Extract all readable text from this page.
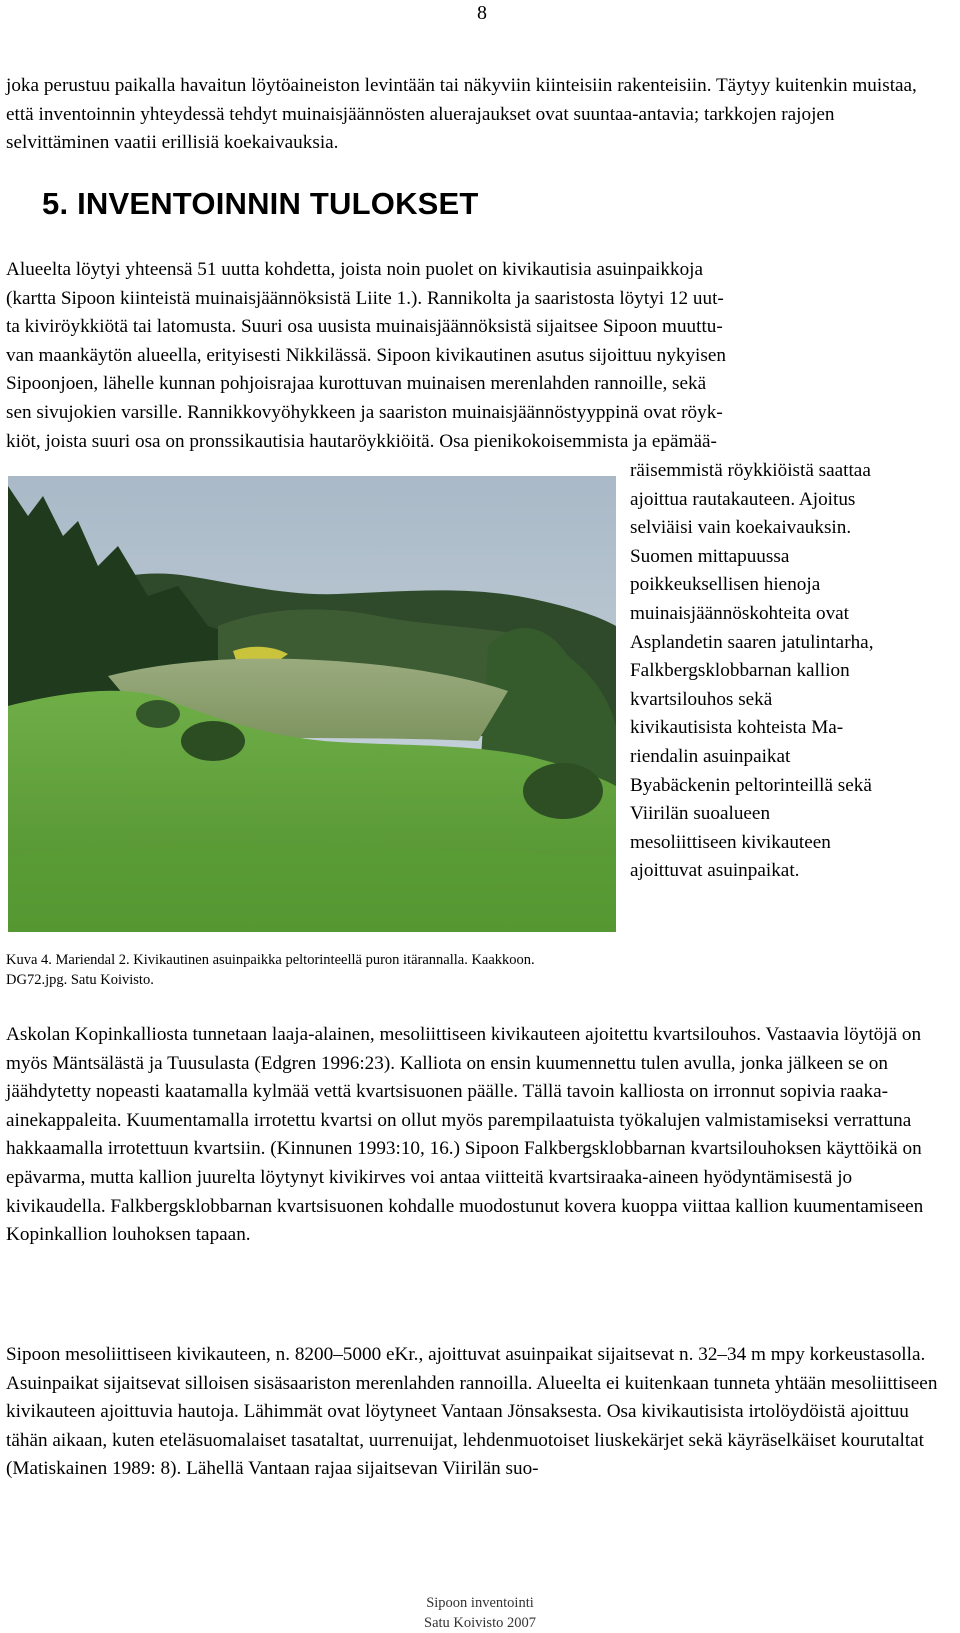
8

joka perustuu paikalla havaitun löytöaineiston levintään tai näkyviin kiinteisiin rakenteisiin. Täytyy kuitenkin muistaa, että inventoinnin yhteydessä tehdyt muinaisjäännösten aluerajaukset ovat suuntaa-antavia; tarkkojen rajojen selvittäminen vaatii erillisiä koekaivauksia.

5. INVENTOINNIN TULOKSET
Alueelta löytyi yhteensä 51 uutta kohdetta, joista noin puolet on kivikautisia asuinpaikkoja
(kartta Sipoon kiinteistä muinaisjäännöksistä Liite 1.). Rannikolta ja saaristosta löytyi 12 uut-
ta kiviröykkiötä tai latomusta. Suuri osa uusista muinaisjäännöksistä sijaitsee Sipoon muuttu-
van maankäytön alueella, erityisesti Nikkilässä. Sipoon kivikautinen asutus sijoittuu nykyisen
Sipoonjoen, lähelle kunnan pohjoisrajaa kurottuvan muinaisen merenlahden rannoille, sekä
sen sivujokien varsille. Rannikkovyöhykkeen ja saariston muinaisjäännöstyyppinä ovat röyk-
kiöt, joista suuri osa on pronssikautisia hautaröykkiöitä. Osa pienikokoisemmista ja epämää-
räisemmistä röykkiöistä saattaa
ajoittua rautakauteen. Ajoitus
selviäisi vain koekaivauksin.
Suomen mittapuussa
poikkeuksellisen hienoja
muinaisjäännöskohteita ovat
Asplandetin saaren jatulintarha,
Falkbergsklobbarnan kallion
kvartsilouhos sekä
kivikautisista kohteista Ma-
riendalin asuinpaikat
Byabäckenin peltorinteillä sekä
Viirilän suoalueen
mesoliittiseen kivikauteen
ajoittuvat asuinpaikat.
Kuva 4. Mariendal 2. Kivikautinen asuinpaikka peltorinteellä puron itärannalla. Kaakkoon.
DG72.jpg. Satu Koivisto.

Askolan Kopinkalliosta tunnetaan laaja-alainen, mesoliittiseen kivikauteen ajoitettu kvartsilouhos. Vastaavia löytöjä on myös Mäntsälästä ja Tuusulasta (Edgren 1996:23). Kalliota on ensin kuumennettu tulen avulla, jonka jälkeen se on jäähdytetty nopeasti kaatamalla kylmää vettä kvartsisuonen päälle. Tällä tavoin kalliosta on irronnut sopivia raaka-ainekappaleita. Kuumentamalla irrotettu kvartsi on ollut myös parempilaatuista työkalujen valmistamiseksi verrattuna hakkaamalla irrotettuun kvartsiin. (Kinnunen 1993:10, 16.) Sipoon Falkbergsklobbarnan kvartsilouhoksen käyttöikä on epävarma, mutta kallion juurelta löytynyt kivikirves voi antaa viitteitä kvartsiraaka-aineen hyödyntämisestä jo kivikaudella. Falkbergsklobbarnan kvartsisuonen kohdalle muodostunut kovera kuoppa viittaa kallion kuumentamiseen Kopinkallion louhoksen tapaan.

Sipoon mesoliittiseen kivikauteen, n. 8200–5000 eKr., ajoittuvat asuinpaikat sijaitsevat n. 32–34 m mpy korkeustasolla. Asuinpaikat sijaitsevat silloisen sisäsaariston merenlahden rannoilla. Alueelta ei kuitenkaan tunneta yhtään mesoliittiseen kivikauteen ajoittuvia hautoja. Lähimmät ovat löytyneet Vantaan Jönsaksesta. Osa kivikautisista irtolöydöistä ajoittuu tähän aikaan, kuten eteläsuomalaiset tasataltat, uurrenuijat, lehdenmuotoiset liuskekärjet sekä käyräselkäiset kourutaltat (Matiskainen 1989: 8). Lähellä Vantaan rajaa sijaitsevan Viirilän suo-

Sipoon inventointi
Satu Koivisto 2007
